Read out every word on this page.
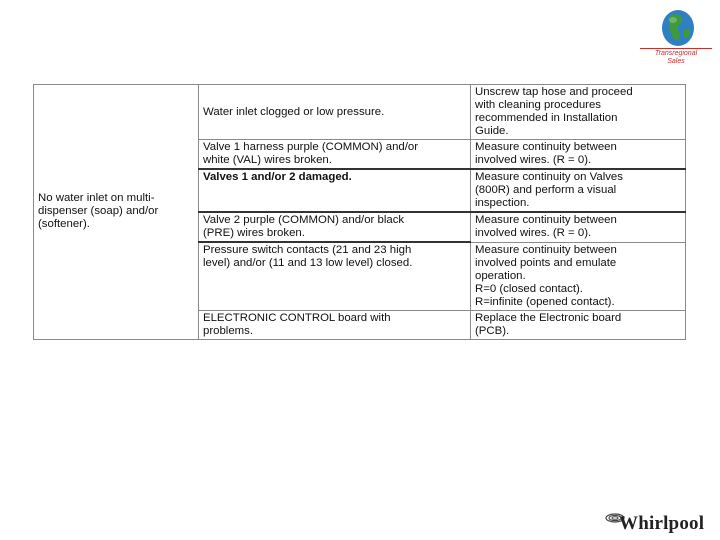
Transregional
Sales
No water inlet on multi-
dispenser (soap) and/or
(softener).	Water inlet clogged or low pressure.	Unscrew tap hose and proceed
with cleaning procedures
recommended in Installation
Guide.

	Valve 1 harness purple (COMMON) and/or
white (VAL) wires broken.	Measure continuity between
involved wires. (R = 0).

	Valves 1 and/or 2 damaged.	Measure continuity on Valves
(800R) and perform a visual
inspection.

	Valve 2 purple (COMMON) and/or black
(PRE) wires broken.	Measure continuity between
involved wires. (R = 0).

	Pressure switch contacts (21 and 23 high
level) and/or (11 and 13 low level) closed.	Measure continuity between
involved points and emulate
operation.
R=0 (closed contact).
R=infinite (opened contact).

	ELECTRONIC CONTROL board with
problems.	Replace the Electronic board
(PCB).
Whirlpool
